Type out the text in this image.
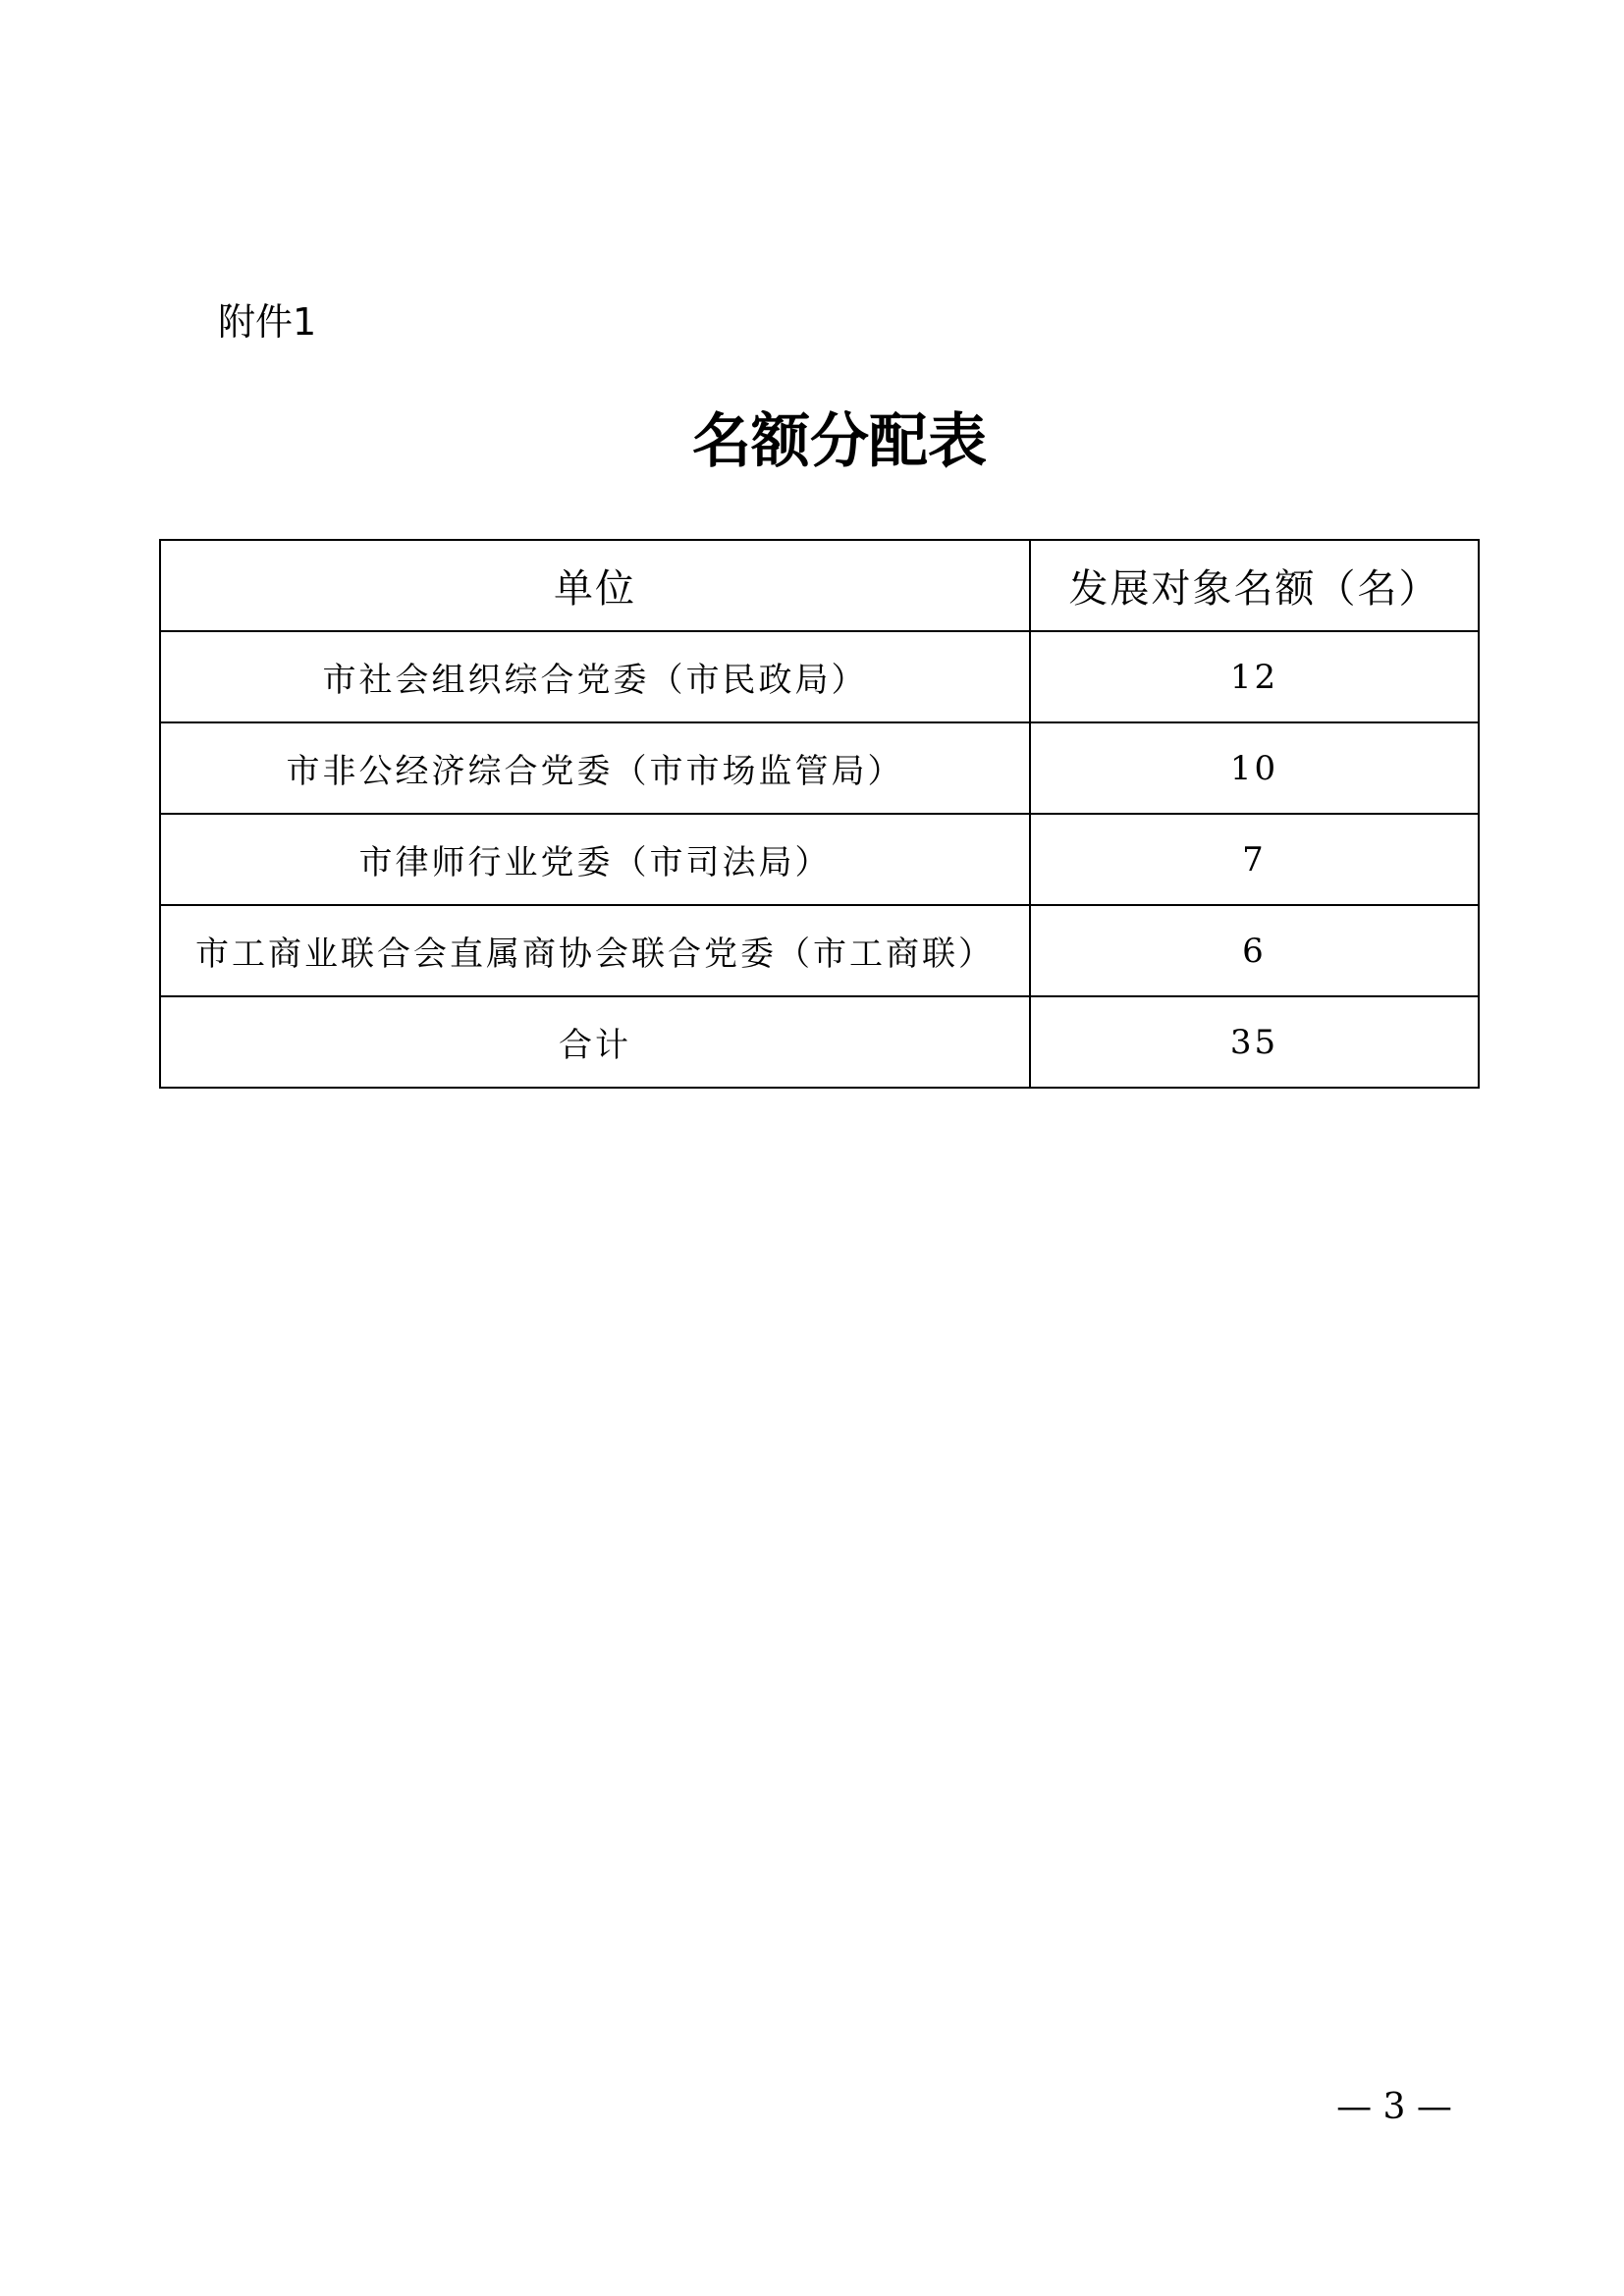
附件1
名额分配表
单位	发展对象名额（名）
市社会组织综合党委（市民政局）	12
市非公经济综合党委（市市场监管局）	10
市律师行业党委（市司法局）	7
市工商业联合会直属商协会联合党委（市工商联）	6
合计	35
— 3 —
